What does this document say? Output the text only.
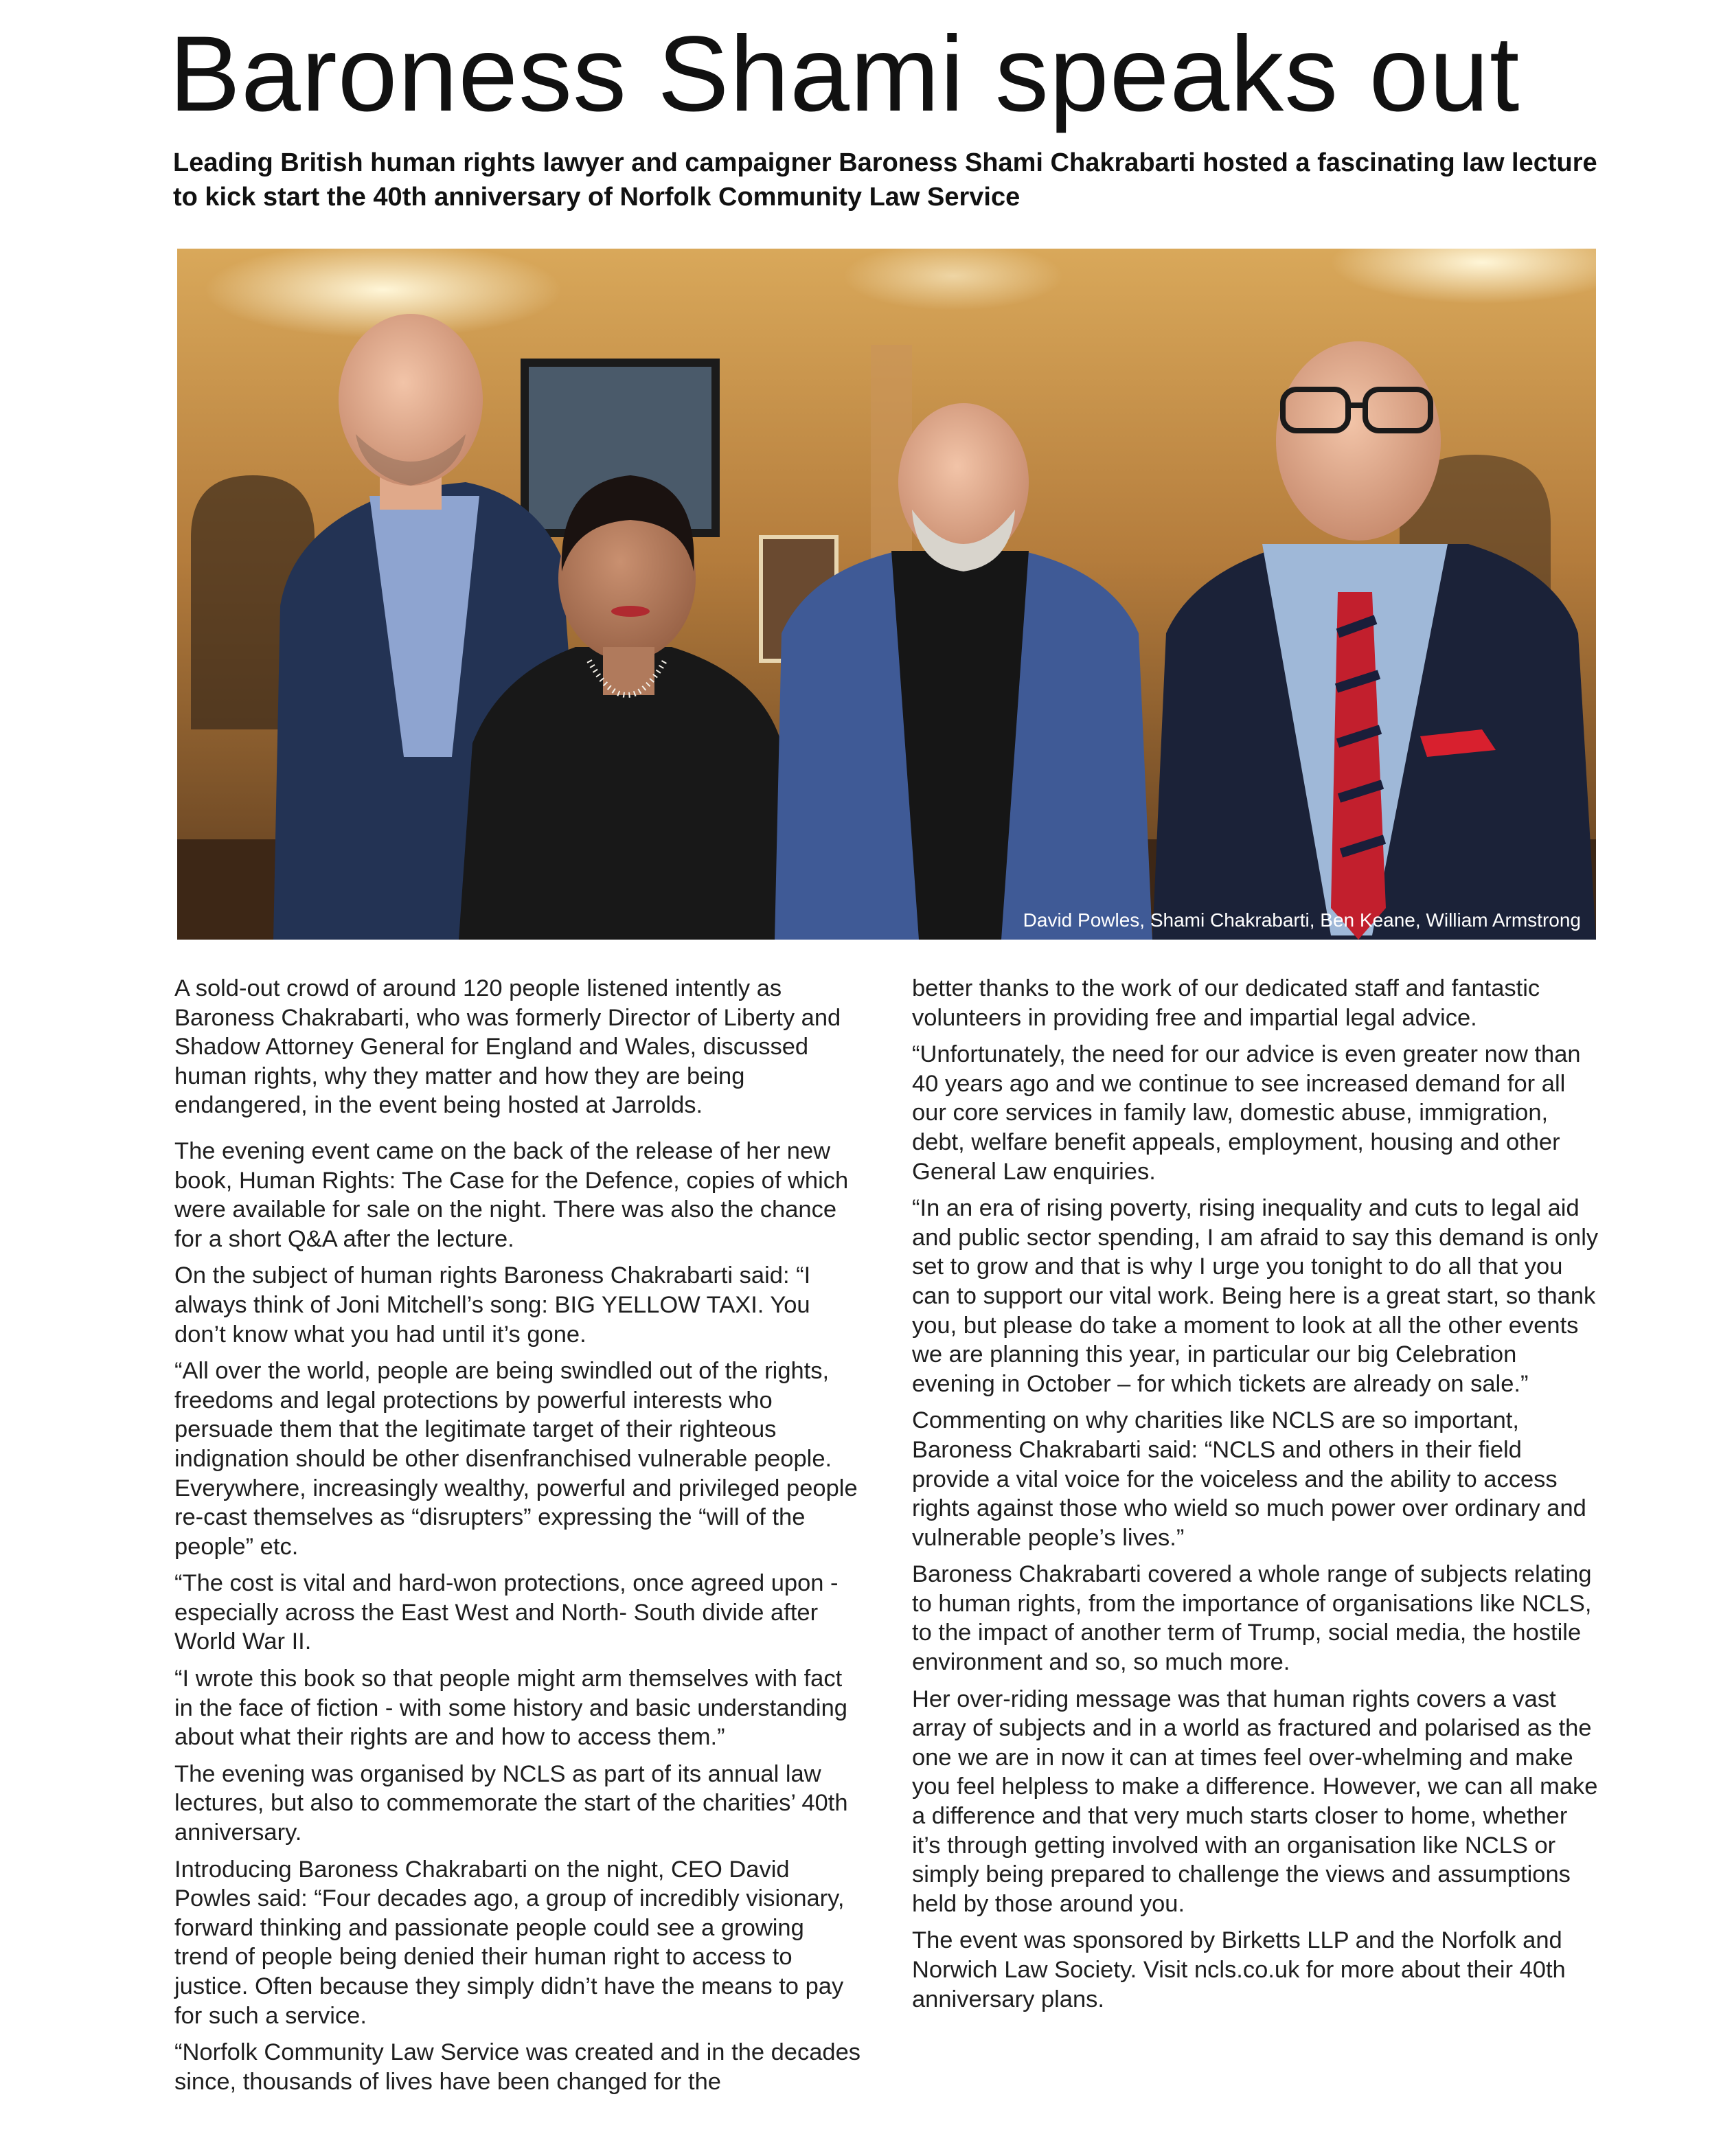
Baroness Shami speaks out

Leading British human rights lawyer and campaigner Baroness Shami Chakrabarti hosted a fascinating law lecture to kick start the 40th anniversary of Norfolk Community Law Service

David Powles, Shami Chakrabarti, Ben Keane, William Armstrong

A sold-out crowd of around 120 people listened intently as Baroness Chakrabarti, who was formerly Director of Liberty and Shadow Attorney General for England and Wales, discussed human rights, why they matter and how they are being endangered, in the event being hosted at Jarrolds.

The evening event came on the back of the release of her new book, Human Rights: The Case for the Defence, copies of which were available for sale on the night. There was also the chance for a short Q&A after the lecture.

On the subject of human rights Baroness Chakrabarti said: “I always think of Joni Mitchell’s song: BIG YELLOW TAXI. You don’t know what you had until it’s gone.

“All over the world, people are being swindled out of the rights, freedoms and legal protections by powerful interests who persuade them that the legitimate target of their righteous indignation should be other disenfranchised vulnerable people. Everywhere, increasingly wealthy, powerful and privileged people re-cast themselves as “disrupters” expressing the “will of the people” etc.

“The cost is vital and hard-won protections, once agreed upon -especially across the East West and North- South divide after World War II.

“I wrote this book so that people might arm themselves with fact in the face of fiction - with some history and basic understanding about what their rights are and how to access them.”

The evening was organised by NCLS as part of its annual law lectures, but also to commemorate the start of the charities’ 40th anniversary.

Introducing Baroness Chakrabarti on the night, CEO David Powles said: “Four decades ago, a group of incredibly visionary, forward thinking and passionate people could see a growing trend of people being denied their human right to access to justice. Often because they simply didn’t have the means to pay for such a service.

“Norfolk Community Law Service was created and in the decades since, thousands of lives have been changed for the

better thanks to the work of our dedicated staff and fantastic volunteers in providing free and impartial legal advice.

“Unfortunately, the need for our advice is even greater now than 40 years ago and we continue to see increased demand for all our core services in family law, domestic abuse, immigration, debt, welfare benefit appeals, employment, housing and other General Law enquiries.

“In an era of rising poverty, rising inequality and cuts to legal aid and public sector spending, I am afraid to say this demand is only set to grow and that is why I urge you tonight to do all that you can to support our vital work. Being here is a great start, so thank you, but please do take a moment to look at all the other events we are planning this year, in particular our big Celebration evening in October – for which tickets are already on sale.”

Commenting on why charities like NCLS are so important, Baroness Chakrabarti said: “NCLS and others in their field provide a vital voice for the voiceless and the ability to access rights against those who wield so much power over ordinary and vulnerable people’s lives.”

Baroness Chakrabarti covered a whole range of subjects relating to human rights, from the importance of organisations like NCLS, to the impact of another term of Trump, social media, the hostile environment and so, so much more.

Her over-riding message was that human rights covers a vast array of subjects and in a world as fractured and polarised as the one we are in now it can at times feel over-whelming and make you feel helpless to make a difference. However, we can all make a difference and that very much starts closer to home, whether it’s through getting involved with an organisation like NCLS or simply being prepared to challenge the views and assumptions held by those around you.

The event was sponsored by Birketts LLP and the Norfolk and Norwich Law Society. Visit ncls.co.uk for more about their 40th anniversary plans.
